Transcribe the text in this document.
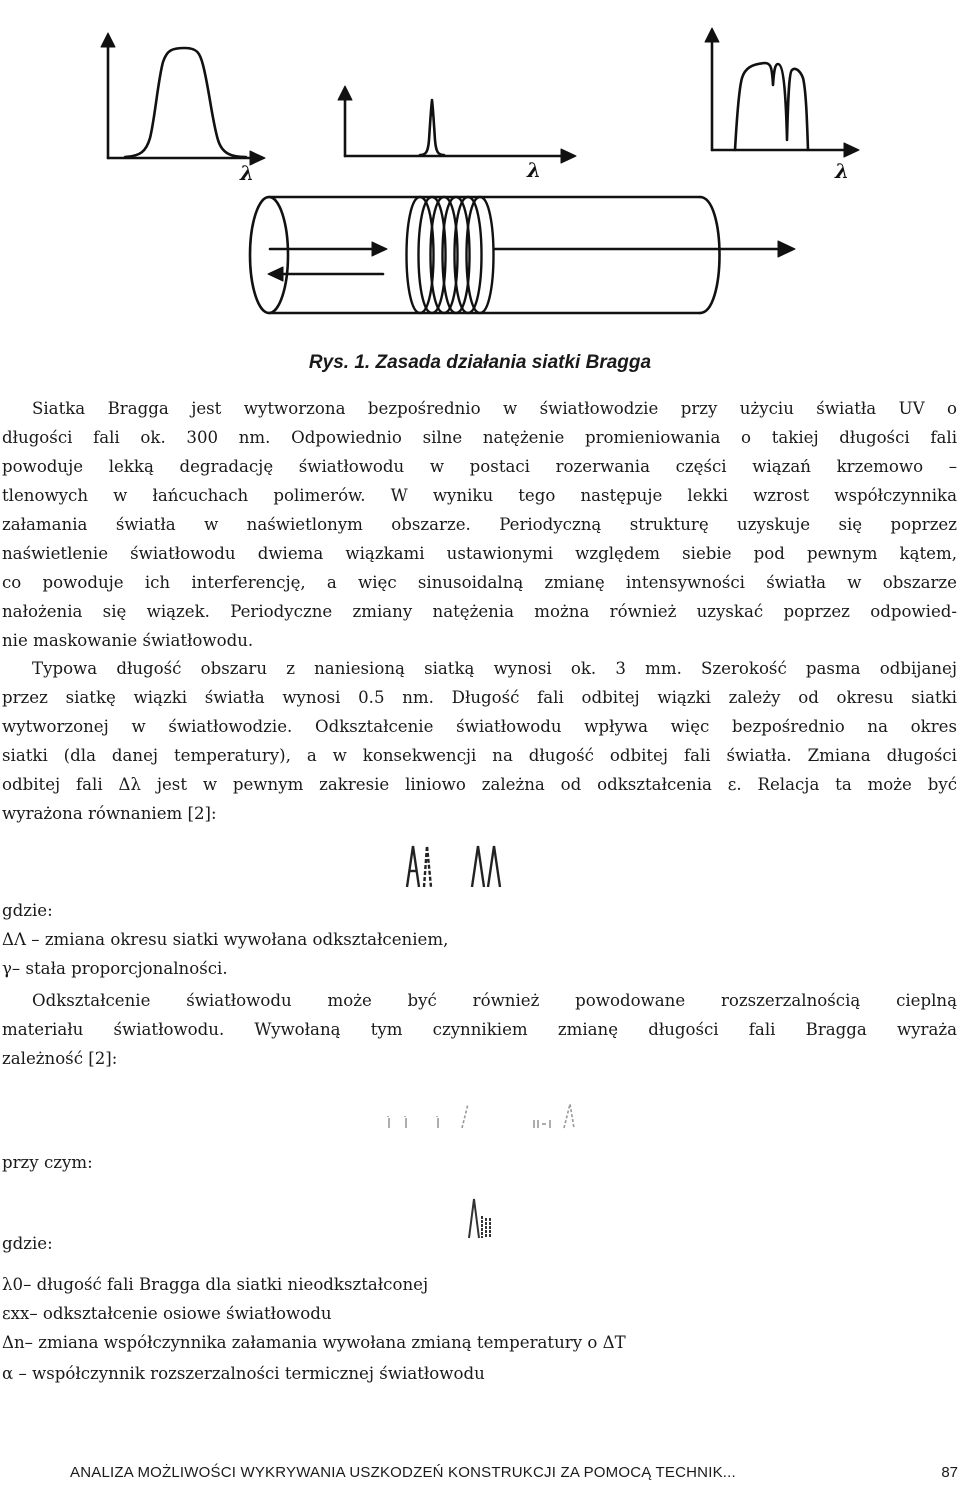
λ	λ	λ
Rys. 1. Zasada działania siatki Bragga
Siatka Bragga jest wytworzona bezpośrednio w światłowodzie przy użyciu światła UV o
długości fali ok. 300 nm. Odpowiednio silne natężenie promieniowania o takiej długości fali
powoduje lekką degradację światłowodu w postaci rozerwania części wiązań krzemowo –
tlenowych w łańcuchach polimerów. W wyniku tego następuje lekki wzrost współczynnika
załamania światła w naświetlonym obszarze. Periodyczną strukturę uzyskuje się poprzez
naświetlenie światłowodu dwiema wiązkami ustawionymi względem siebie pod pewnym kątem,
co powoduje ich interferencję, a więc sinusoidalną zmianę intensywności światła w obszarze
nałożenia się wiązek. Periodyczne zmiany natężenia można również uzyskać poprzez odpowied-
nie maskowanie światłowodu.
Typowa długość obszaru z naniesioną siatką wynosi ok. 3 mm. Szerokość pasma odbijanej
przez siatkę wiązki światła wynosi 0.5 nm. Długość fali odbitej wiązki zależy od okresu siatki
wytworzonej w światłowodzie. Odkształcenie światłowodu wpływa więc bezpośrednio na okres
siatki (dla danej temperatury), a w konsekwencji na długość odbitej fali światła. Zmiana długości
odbitej fali Δλ jest w pewnym zakresie liniowo zależna od odkształcenia ε. Relacja ta może być
wyrażona równaniem [2]:
gdzie:
ΔΛ – zmiana okresu siatki wywołana odkształceniem,
γ– stała proporcjonalności.
Odkształcenie światłowodu może być również powodowane rozszerzalnością cieplną
materiału światłowodu. Wywołaną tym czynnikiem zmianę długości fali Bragga wyraża
zależność [2]:
przy czym:
gdzie:
λ0– długość fali Bragga dla siatki nieodkształconej
εxx– odkształcenie osiowe światłowodu
Δn– zmiana współczynnika załamania wywołana zmianą temperatury o ΔT
α – współczynnik rozszerzalności termicznej światłowodu
ANALIZA MOŻLIWOŚCI WYKRYWANIA USZKODZEŃ KONSTRUKCJI ZA POMOCĄ TECHNIK...	87
